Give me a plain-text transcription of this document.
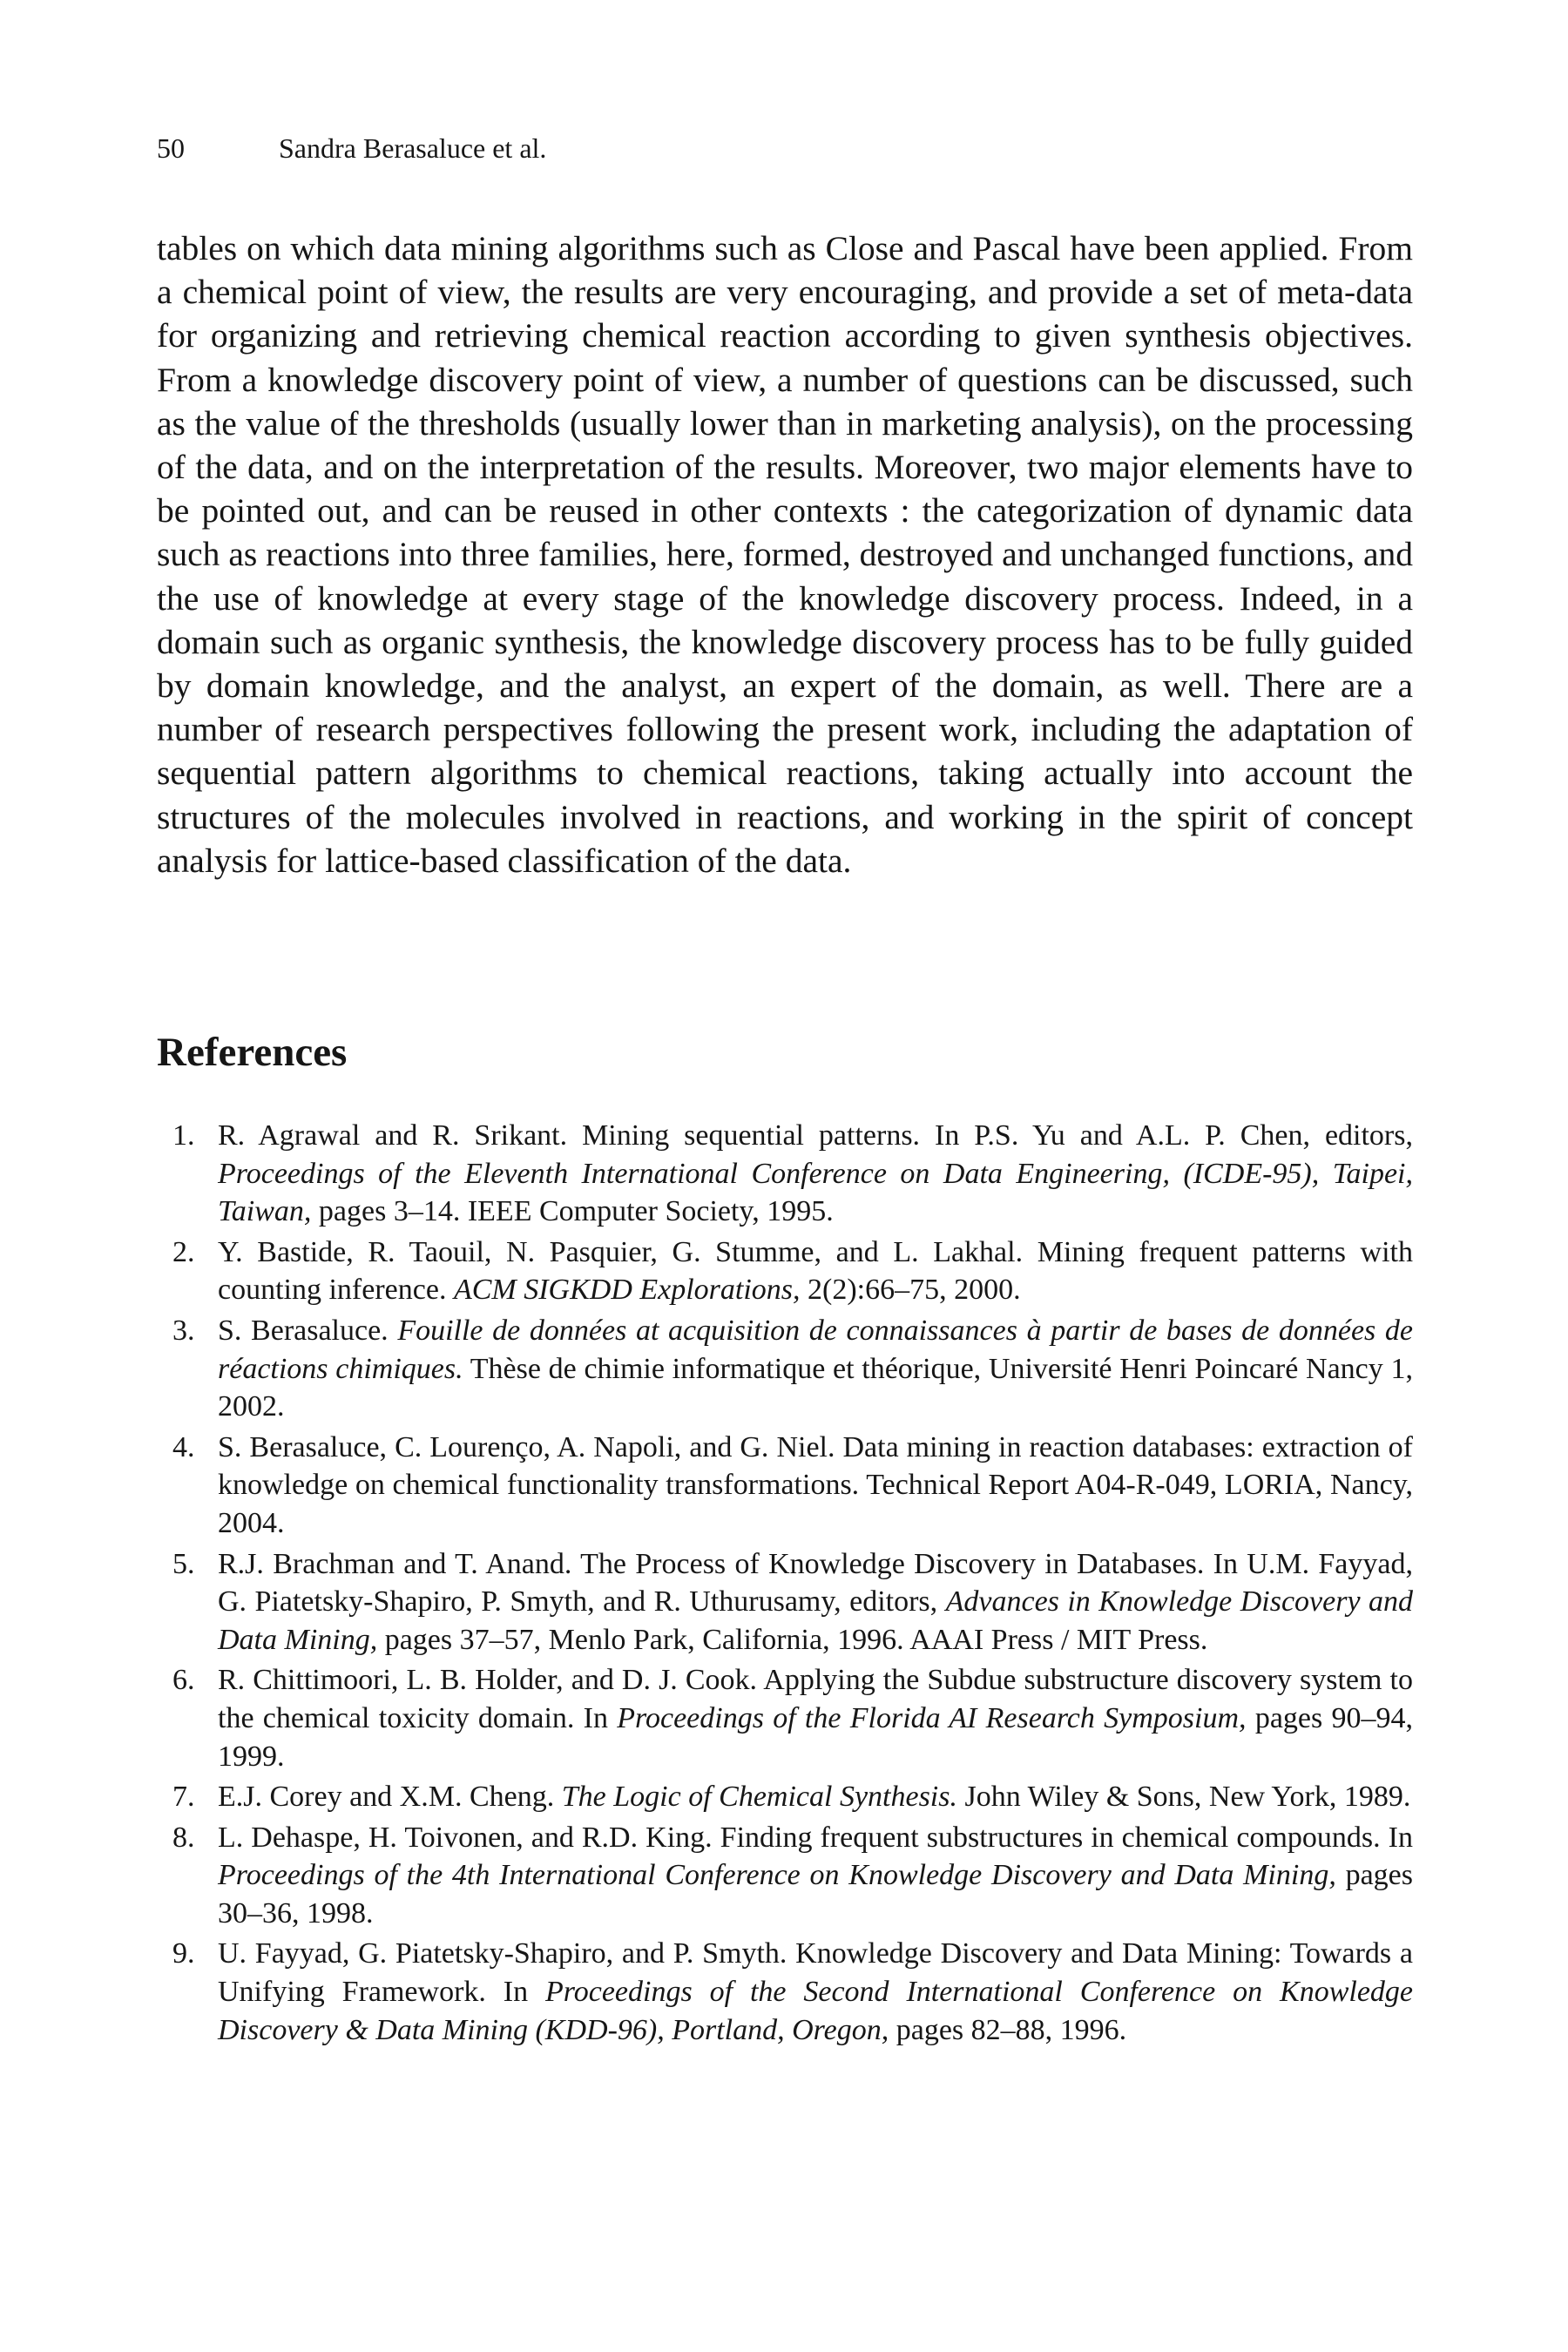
50	Sandra Berasaluce et al.

tables on which data mining algorithms such as Close and Pascal have been applied. From a chemical point of view, the results are very encouraging, and provide a set of meta-data for organizing and retrieving chemical reaction according to given synthesis objectives. From a knowledge discovery point of view, a number of questions can be discussed, such as the value of the thresholds (usually lower than in marketing analysis), on the processing of the data, and on the interpretation of the results. Moreover, two major elements have to be pointed out, and can be reused in other contexts : the categorization of dynamic data such as reactions into three families, here, formed, destroyed and unchanged functions, and the use of knowledge at every stage of the knowledge discovery process. Indeed, in a domain such as organic synthesis, the knowledge discovery process has to be fully guided by domain knowledge, and the analyst, an expert of the domain, as well. There are a number of research perspectives following the present work, including the adaptation of sequential pattern algorithms to chemical reactions, taking actually into account the structures of the molecules involved in reactions, and working in the spirit of concept analysis for lattice-based classification of the data.

References
1. R. Agrawal and R. Srikant. Mining sequential patterns. In P.S. Yu and A.L. P. Chen, editors, Proceedings of the Eleventh International Conference on Data Engineering, (ICDE-95), Taipei, Taiwan, pages 3–14. IEEE Computer Society, 1995.
2. Y. Bastide, R. Taouil, N. Pasquier, G. Stumme, and L. Lakhal. Mining frequent patterns with counting inference. ACM SIGKDD Explorations, 2(2):66–75, 2000.
3. S. Berasaluce. Fouille de données at acquisition de connaissances à partir de bases de données de réactions chimiques. Thèse de chimie informatique et théorique, Université Henri Poincaré Nancy 1, 2002.
4. S. Berasaluce, C. Lourenço, A. Napoli, and G. Niel. Data mining in reaction databases: extraction of knowledge on chemical functionality transformations. Technical Report A04-R-049, LORIA, Nancy, 2004.
5. R.J. Brachman and T. Anand. The Process of Knowledge Discovery in Databases. In U.M. Fayyad, G. Piatetsky-Shapiro, P. Smyth, and R. Uthurusamy, editors, Advances in Knowledge Discovery and Data Mining, pages 37–57, Menlo Park, California, 1996. AAAI Press / MIT Press.
6. R. Chittimoori, L. B. Holder, and D. J. Cook. Applying the Subdue substructure discovery system to the chemical toxicity domain. In Proceedings of the Florida AI Research Symposium, pages 90–94, 1999.
7. E.J. Corey and X.M. Cheng. The Logic of Chemical Synthesis. John Wiley & Sons, New York, 1989.
8. L. Dehaspe, H. Toivonen, and R.D. King. Finding frequent substructures in chemical compounds. In Proceedings of the 4th International Conference on Knowledge Discovery and Data Mining, pages 30–36, 1998.
9. U. Fayyad, G. Piatetsky-Shapiro, and P. Smyth. Knowledge Discovery and Data Mining: Towards a Unifying Framework. In Proceedings of the Second International Conference on Knowledge Discovery & Data Mining (KDD-96), Portland, Oregon, pages 82–88, 1996.
